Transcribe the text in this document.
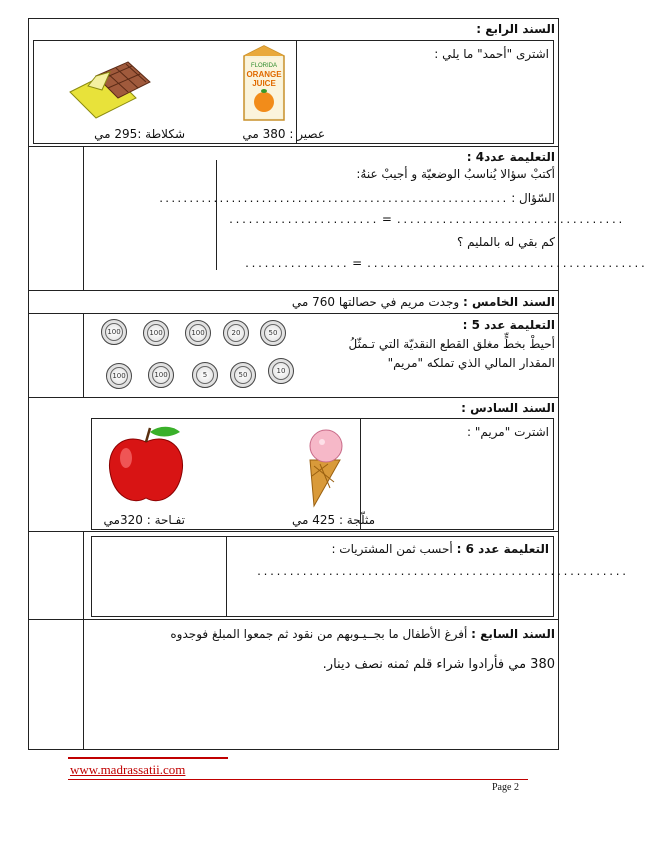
السند الرابع :
اشترى "أحمد" ما يلي :
FLORIDA
ORANGE
JUICE
عصير : 380 مي
شكلاطة :295 مي
التعليمة عدد4 :
أكتبْ سؤالا يُناسبُ الوضعيّة و أجيبْ عنهُ:
السّؤال : ..........................................................
....................... = ...................................
كم بقي له بالمليم ؟
................ = ...........................................
السند الخامس : وجدت مريم في حصالتها 760 مي
التعليمة عدد 5 :
أحيطْ بخطٍّ مغلق القطع النقديّة التي تـمثّلُ
المقدار المالي الذي تملكه "مريم"
100	100	100	20	50
100	100	5	50	10
السند السادس :
اشترت "مريم" :
مثلّجة : 425 مي
تفـاحة : 320مي
التعليمة عدد 6 : أحسب ثمن المشتريات :
.........................................................
السند السابع : أفرغ الأطفال ما بجــيـوبهم من نقود ثم جمعوا المبلغ فوجدوه
380 مي فأرادوا شراء قلم ثمنه نصف دينار.
www.madrassatii.com
Page 2
